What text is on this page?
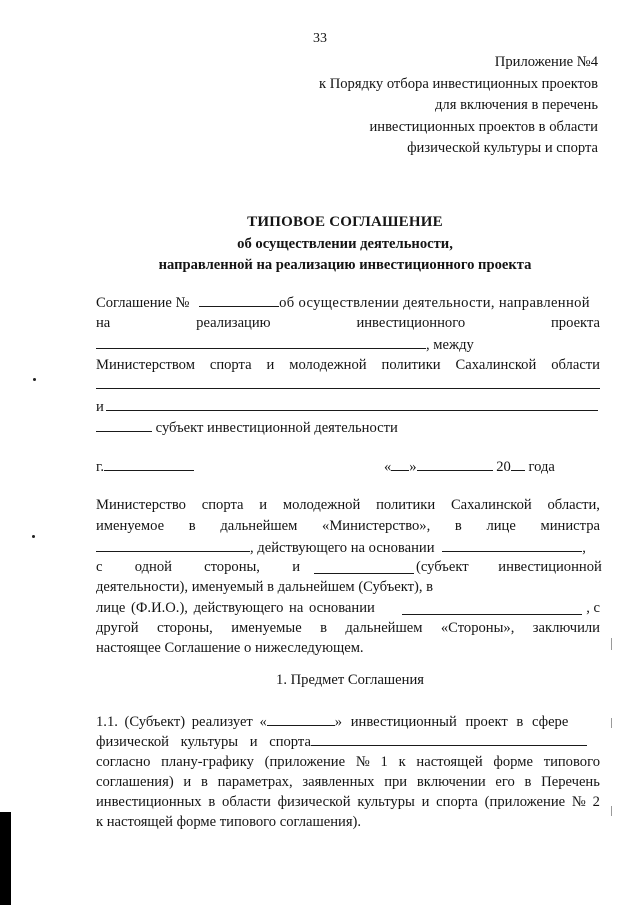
33
Приложение №4
к Порядку отбора инвестиционных проектов
для включения в перечень
инвестиционных проектов в области
физической культуры и спорта
ТИПОВОЕ СОГЛАШЕНИЕ
об осуществлении деятельности,
направленной на реализацию инвестиционного проекта
Соглашение №	об осуществлении деятельности, направленной
на	реализацию	инвестиционного	проекта
, между
Министерством спорта и молодежной политики Сахалинской области
и
субъект инвестиционной деятельности
г.	« »	20 года
Министерство спорта и молодежной политики Сахалинской области,
именуемое в дальнейшем «Министерство», в лице министра
, действующего на основании	,
с одной стороны, и	(субъект инвестиционной
деятельности), именуемый в дальнейшем (Субъект), в
лице (Ф.И.О.), действующего на основании	, с
другой стороны, именуемые в дальнейшем «Стороны», заключили
настоящее Соглашение о нижеследующем.
1. Предмет Соглашения
1.1. (Субъект) реализует «	» инвестиционный проект в сфере
физической культуры и спорта
согласно плану-графику (приложение № 1 к настоящей форме типового
соглашения) и в параметрах, заявленных при включении его в Перечень
инвестиционных в области физической культуры и спорта (приложение № 2
к настоящей форме типового соглашения).
